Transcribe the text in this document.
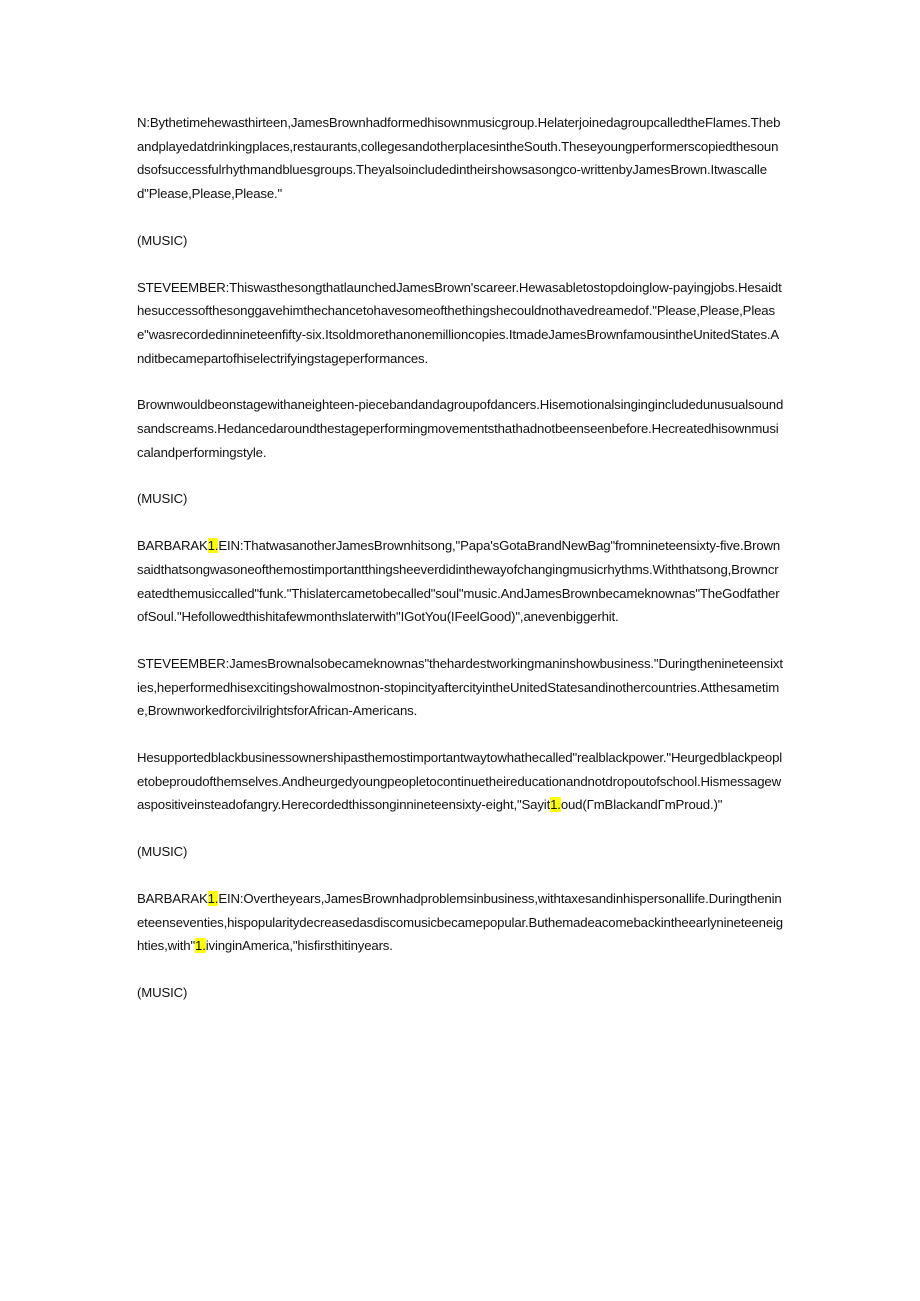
N:Bythetimehewasthirteen,JamesBrownhadformedhisownmusicgroup.HelaterjoinedagroupcalledtheFlames.Thebandplayedatdrinkingplaces,restaurants,collegesandotherplacesintheSouth.Theseyoungperformerscopiedthesoundsofsuccessfulrhythmandbluesgroups.Theyalsoincludedintheirshowsasongco-writtenbyJamesBrown.Itwascalled"Please,Please,Please."

(MUSIC)

STEVEEMBER:ThiswasthesongthatlaunchedJamesBrown'scareer.Hewasabletostopdoinglow-payingjobs.Hesaidthesuccessofthesonggavehimthechancetohavesomeofthethingshecouldnothavedreamedof."Please,Please,Please"wasrecordedinnineteenfifty-six.Itsoldmorethanonemillioncopies.ItmadeJamesBrownfamousintheUnitedStates.Anditbecamepartofhiselectrifyingstageperformances.

Brownwouldbeonstagewithaneighteen-piecebandandagroupofdancers.Hisemotionalsingingincludedunusualsoundsandscreams.Hedancedaroundthestageperformingmovementsthathadnotbeenseenbefore.Hecreatedhisownmusicalandperformingstyle.

(MUSIC)

BARBARAK1.EIN:ThatwasanotherJamesBrownhitsong,"Papa'sGotaBrandNewBag"fromnineteensixty-five.Brownsaidthatsongwasoneofthemostimportantthingsheeverdidinthewayofchangingmusicrhythms.Withthatsong,Browncreatedthemusiccalled"funk."Thislatercametobecalled"soul"music.AndJamesBrownbecameknownas"TheGodfatherofSoul."Hefollowedthishitafewmonthslaterwith"IGotYou(IFeelGood)",anevenbiggerhit.

STEVEEMBER:JamesBrownalsobecameknownas"thehardestworkingmaninshowbusiness."Duringthenineteensixties,heperformedhisexcitingshowalmostnon-stopincityaftercityintheUnitedStatesandinothercountries.Atthesametime,BrownworkedforcivilrightsforAfrican-Americans.

Hesupportedblackbusinessownershipasthemostimportantwaytowhathecalled"realblackpower."Heurgedblackpeopletobeproudofthemselves.Andheurgedyoungpeopletocontinuetheireducationandnotdropoutofschool.Hismessagewaspositiveinsteadofangry.Herecordedthissonginnineteensixty-eight,"Sayit1.oud(ΓmBlackandΓmProud.)"

(MUSIC)

BARBARAK1.EIN:Overtheyears,JamesBrownhadproblemsinbusiness,withtaxesandinhispersonallife.Duringthenineteenseventies,hispopularitydecreasedasdiscomusicbecamepopular.Buthemadeacomebackintheearlynineteeneighties,with"1.ivinginAmerica,"hisfirsthitinyears.

(MUSIC)
